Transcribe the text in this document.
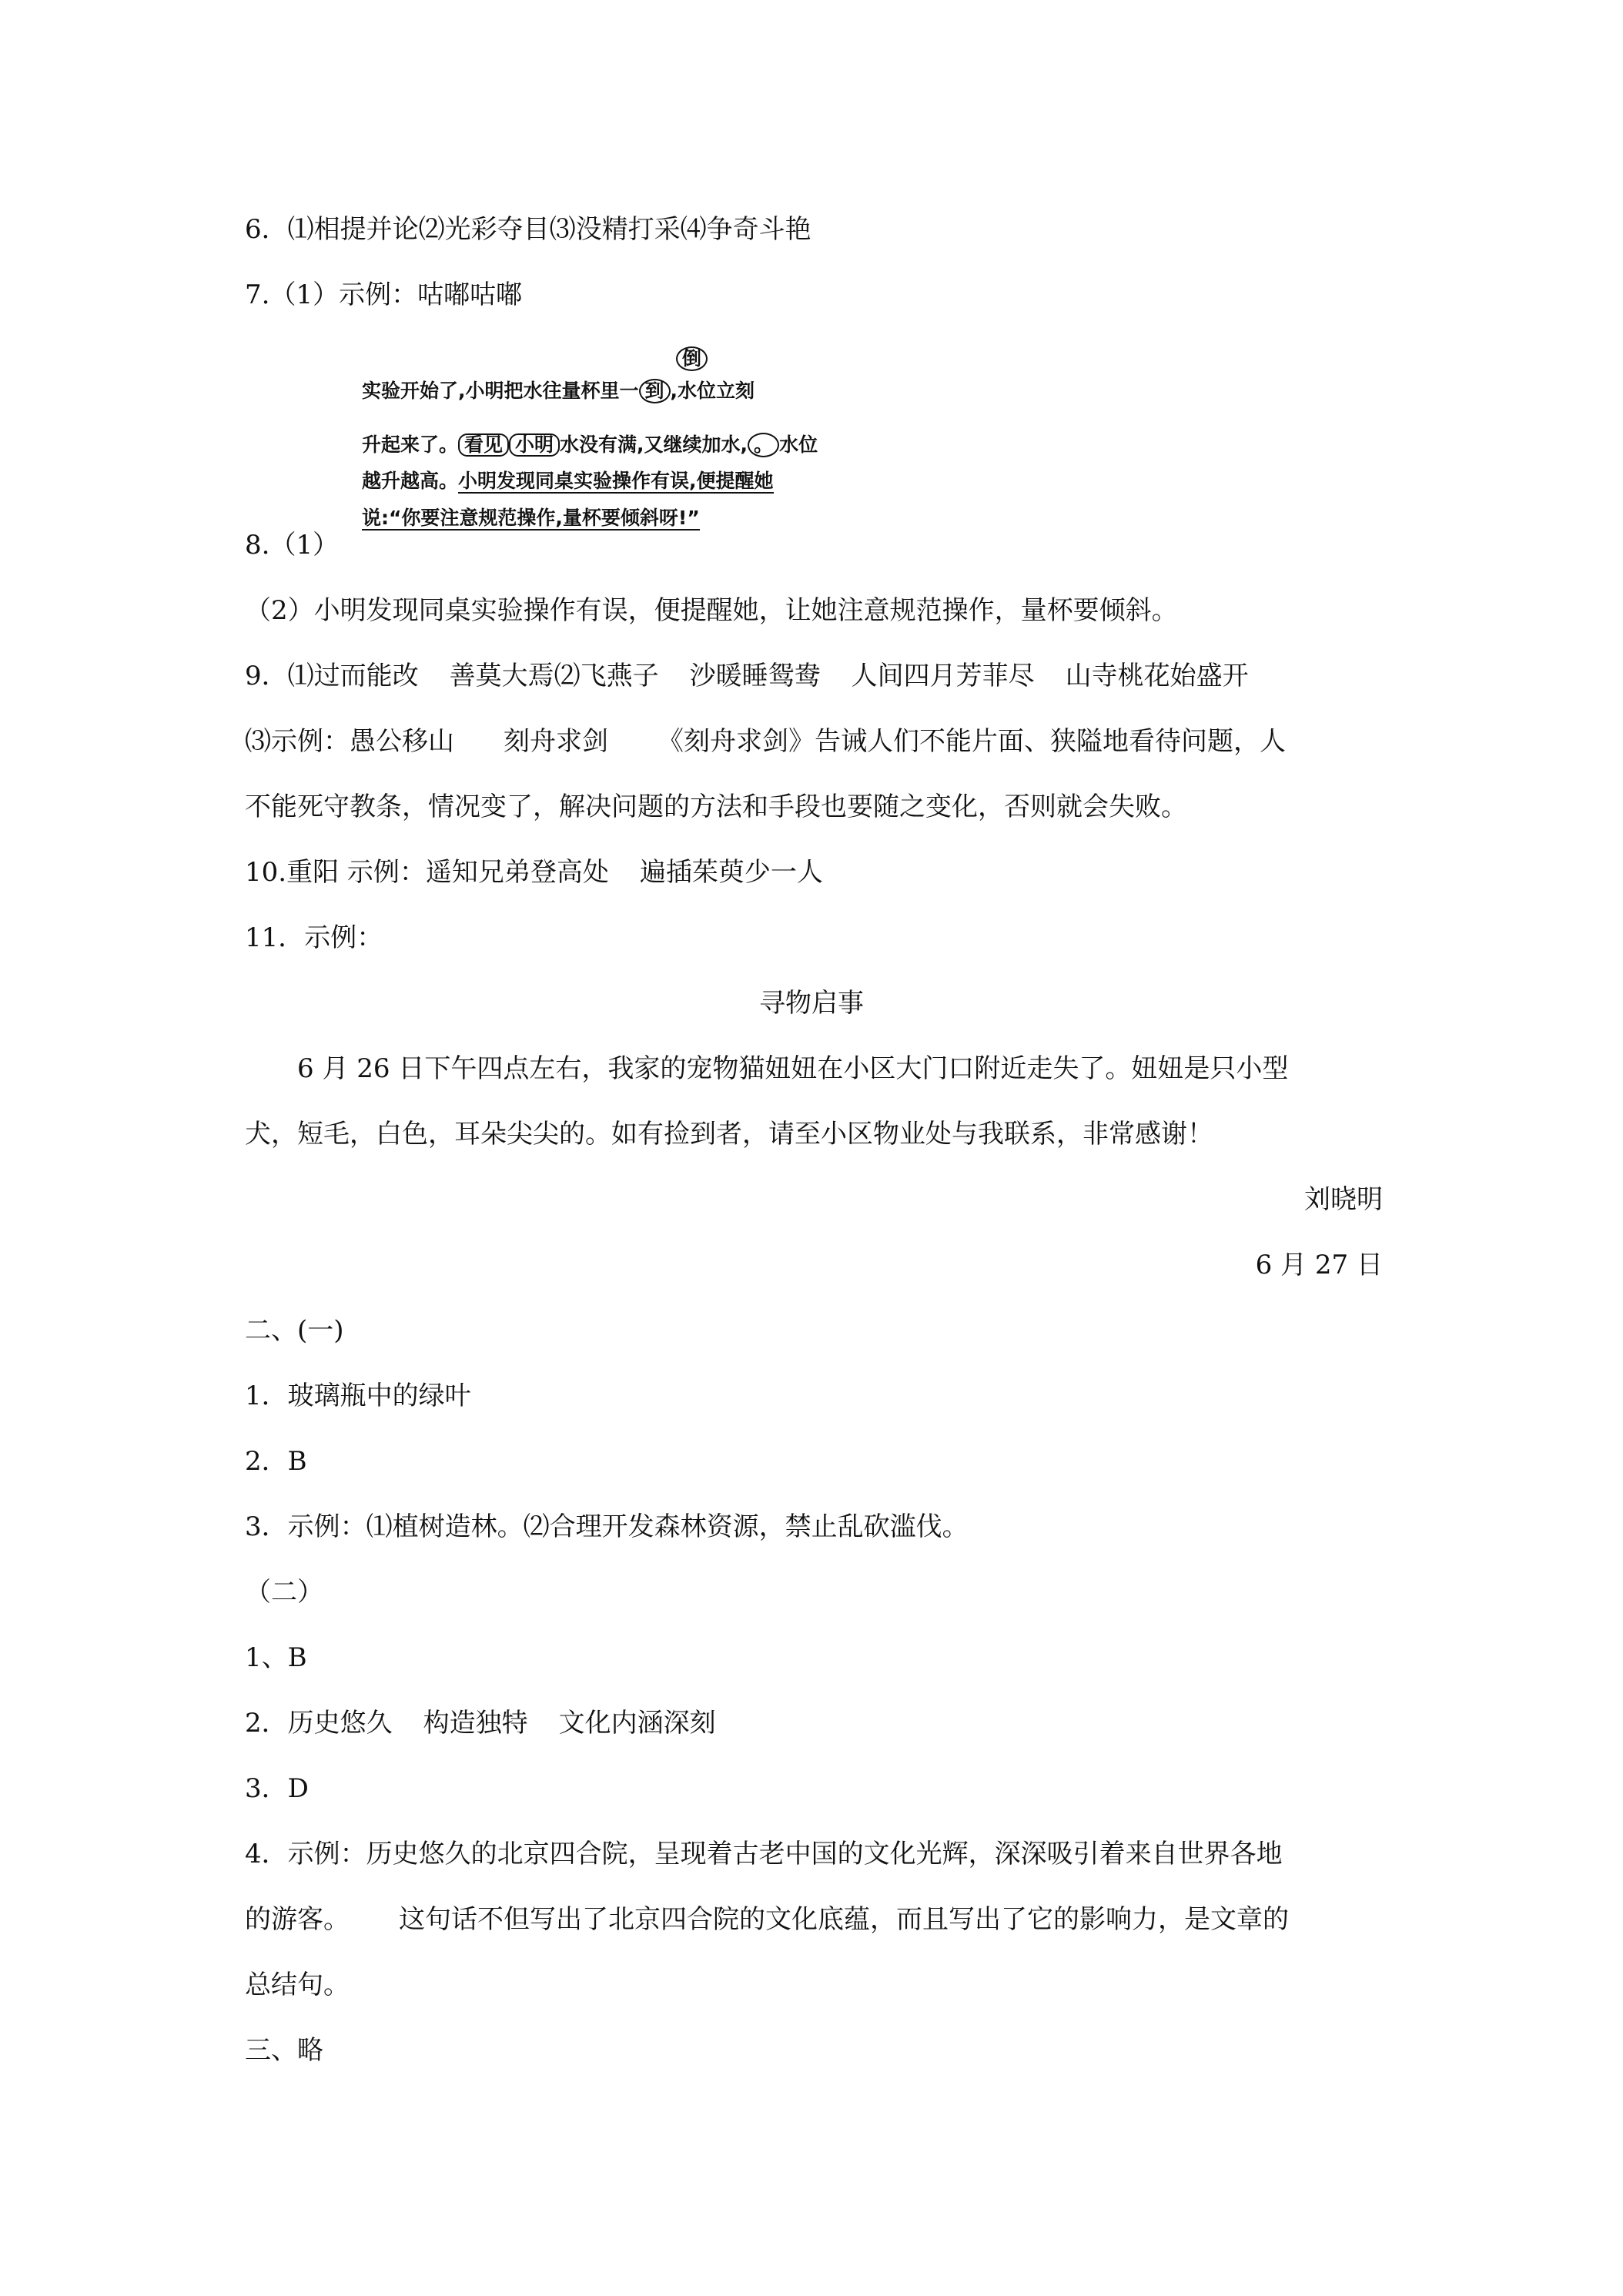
6．⑴相提并论⑵光彩夺目⑶没精打采⑷争奇斗艳
7.（1）示例：咕嘟咕嘟
倒
实验开始了,小明把水往量杯里一 到 ,水位立刻
升起来了。 看见 小明 水没有满,又继续加水, 。 水位
越升越高。小明发现同桌实验操作有误,便提醒她
说:“你要注意规范操作,量杯要倾斜呀!”
8.（1）
（2）小明发现同桌实验操作有误，便提醒她，让她注意规范操作，量杯要倾斜。
9．⑴过而能改 善莫大焉⑵飞燕子 沙暖睡鸳鸯 人间四月芳菲尽 山寺桃花始盛开
⑶示例：愚公移山 刻舟求剑 《刻舟求剑》告诫人们不能片面、狭隘地看待问题，人
不能死守教条，情况变了，解决问题的方法和手段也要随之变化，否则就会失败。
10.重阳 示例：遥知兄弟登高处 遍插茱萸少一人
11．示例：
寻物启事
6 月 26 日下午四点左右，我家的宠物猫妞妞在小区大门口附近走失了。妞妞是只小型
犬，短毛，白色，耳朵尖尖的。如有捡到者，请至小区物业处与我联系，非常感谢！
刘晓明
6 月 27 日
二、(一)
1．玻璃瓶中的绿叶
2．B
3．示例：⑴植树造林。⑵合理开发森林资源，禁止乱砍滥伐。
（二）
1、B
2．历史悠久 构造独特 文化内涵深刻
3．D
4．示例：历史悠久的北京四合院，呈现着古老中国的文化光辉，深深吸引着来自世界各地
的游客。 这句话不但写出了北京四合院的文化底蕴，而且写出了它的影响力，是文章的
总结句。
三、略
